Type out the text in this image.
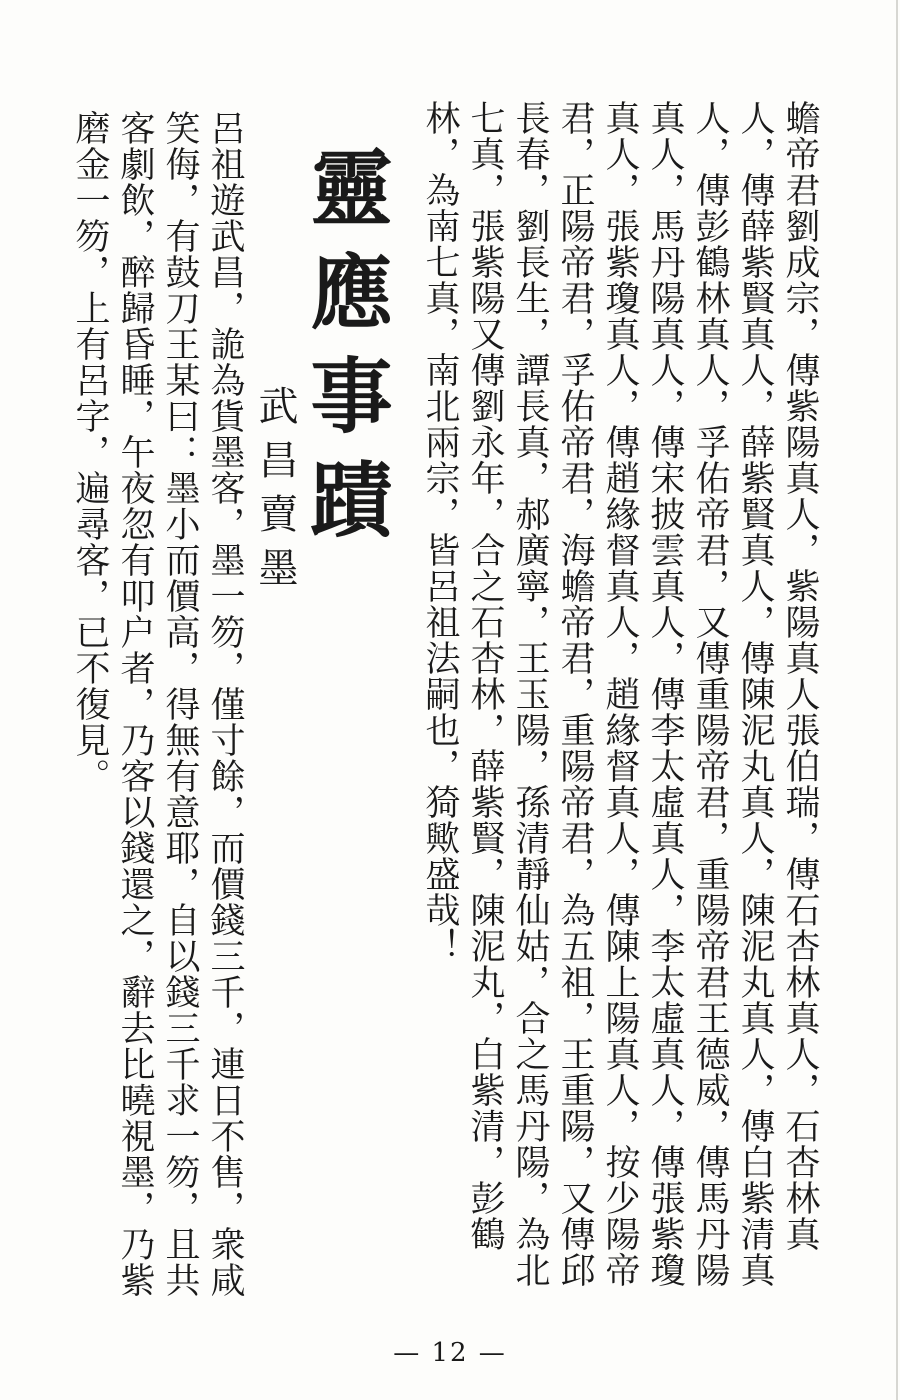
蟾帝君劉成宗，傳紫陽真人，紫陽真人張伯瑞，傳石杏林真人，石杏林真人，傳薛紫賢真人，薛紫賢真人，傳陳泥丸真人，陳泥丸真人，傳白紫清真人，傳彭鶴林真人，孚佑帝君，又傳重陽帝君，重陽帝君王德威，傳馬丹陽真人，馬丹陽真人，傳宋披雲真人，傳李太虛真人，李太虛真人，傳張紫瓊真人，張紫瓊真人，傳趙緣督真人，趙緣督真人，傳陳上陽真人，按少陽帝君，正陽帝君，孚佑帝君，海蟾帝君，重陽帝君，為五祖，王重陽，又傳邱長春，劉長生，譚長真，郝廣寧，王玉陽，孫清靜仙姑，合之馬丹陽，為北七真，張紫陽又傳劉永年，合之石杏林，薛紫賢，陳泥丸，白紫清，彭鶴林，為南七真，南北兩宗，皆呂祖法嗣也，猗歟盛哉！
靈應事蹟
武昌賣墨
呂祖遊武昌，詭為貨墨客，墨一笏，僅寸餘，而價錢三千，連日不售，衆咸笑侮，有鼓刀王某曰：墨小而價高，得無有意耶，自以錢三千求一笏，且共客劇飲，醉歸昏睡，午夜忽有叩户者，乃客以錢還之，辭去比曉視墨，乃紫磨金一笏，上有呂字，遍尋客，已不復見。
— 12 —
